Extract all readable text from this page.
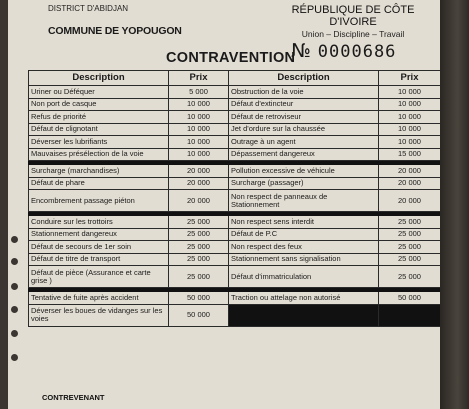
DISTRICT D'ABIDJAN	RÉPUBLIQUE DE CÔTE D'IVOIRE
Union – Discipline – Travail
COMMUNE DE YOPOUGON
CONTRAVENTION
№ 0000686
Description	Prix	Description	Prix
Uriner ou Déféquer	5 000	Obstruction de la voie	10 000
Non port de casque	10 000	Défaut d'extincteur	10 000
Refus de priorité	10 000	Défaut de retroviseur	10 000
Défaut de clignotant	10 000	Jet d'ordure sur la chaussée	10 000
Déverser les lubrifiants	10 000	Outrage à un agent	10 000
Mauvaises présélection de la voie	10 000	Dépassement dangereux	15 000

Surcharge (marchandises)	20 000	Pollution excessive de véhicule	20 000
Défaut de phare	20 000	Surcharge (passager)	20 000
Encombrement passage piéton	20 000	Non respect de panneaux de Stationnement	20 000

Conduire sur les trottoirs	25 000	Non respect sens interdit	25 000
Stationnement dangereux	25 000	Défaut de P.C	25 000
Défaut de secours de 1er soin	25 000	Non respect des feux	25 000
Défaut de titre de transport	25 000	Stationnement sans signalisation	25 000
Défaut de pièce (Assurance et carte grise )	25 000	Défaut d'immatriculation	25 000

Tentative de fuite après accident	50 000	Traction ou attelage non autorisé	50 000
Déverser les boues de vidanges sur les voies	50 000		
CONTREVENANT
